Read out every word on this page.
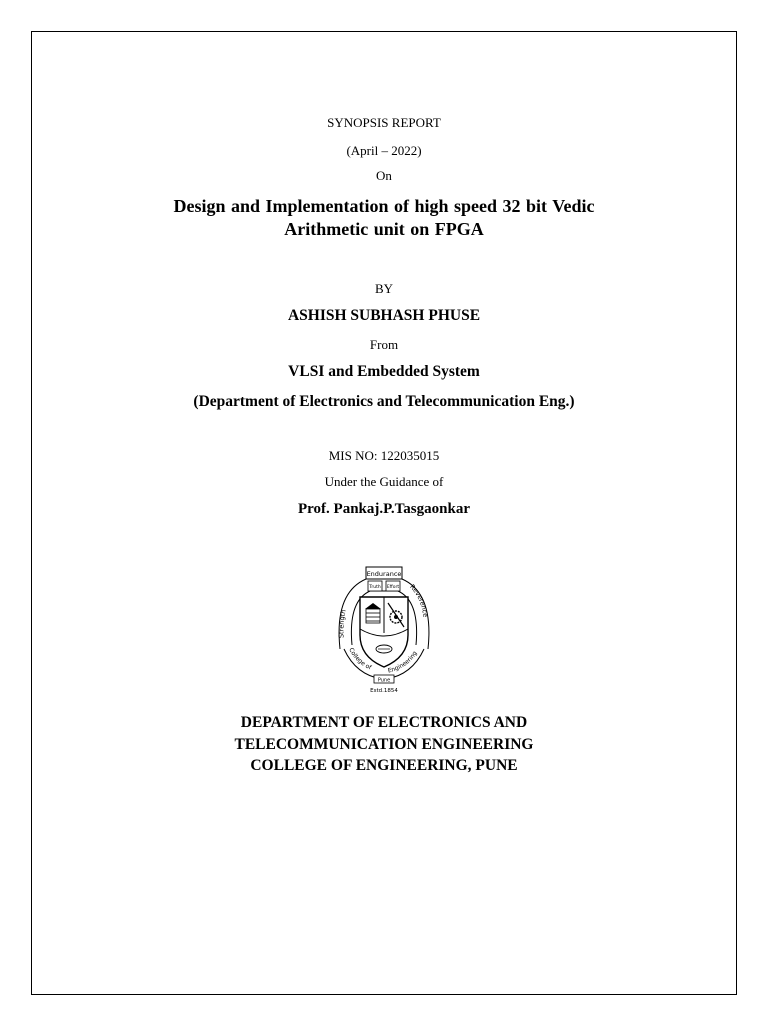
SYNOPSIS REPORT
(April – 2022)
On
Design and Implementation of high speed 32 bit Vedic
Arithmetic unit on FPGA
BY
ASHISH SUBHASH PHUSE
From
VLSI and Embedded System
(Department of Electronics and Telecommunication Eng.)
MIS NO: 122035015
Under the Guidance of
Prof. Pankaj.P.Tasgaonkar
Endurance
Strength
Reverence
Truth Effort
College of Engineering
Pune
Estd.1854
DEPARTMENT OF ELECTRONICS AND
TELECOMMUNICATION ENGINEERING
COLLEGE OF ENGINEERING, PUNE
